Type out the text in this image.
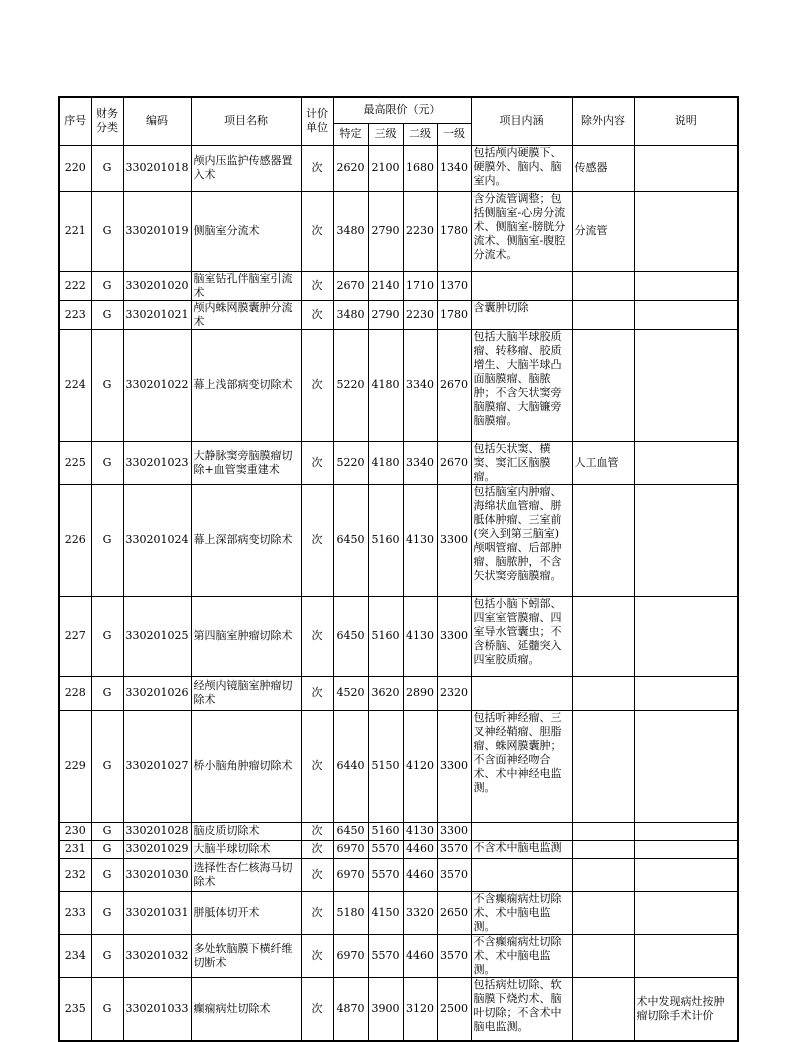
序号	财务分类	编码	项目名称	计价单位	最高限价（元）				项目内涵	除外内容	说明
					特定	三级	二级	一级			
220	G	330201018	颅内压监护传感器置入术	次	2620	2100	1680	1340	包括颅内硬膜下、硬膜外、脑内、脑室内。	传感器	
221	G	330201019	侧脑室分流术	次	3480	2790	2230	1780	含分流管调整；包括侧脑室-心房分流术、侧脑室-膀胱分流术、侧脑室-腹腔分流术。	分流管	
222	G	330201020	脑室钻孔伴脑室引流术	次	2670	2140	1710	1370			
223	G	330201021	颅内蛛网膜囊肿分流术	次	3480	2790	2230	1780	含囊肿切除		
224	G	330201022	幕上浅部病变切除术	次	5220	4180	3340	2670	包括大脑半球胶质瘤、转移瘤、胶质增生、大脑半球凸面脑膜瘤、脑脓肿；不含矢状窦旁脑膜瘤、大脑镰旁脑膜瘤。		
225	G	330201023	大静脉窦旁脑膜瘤切除+血管窦重建术	次	5220	4180	3340	2670	包括矢状窦、横窦、窦汇区脑膜瘤。	人工血管	
226	G	330201024	幕上深部病变切除术	次	6450	5160	4130	3300	包括脑室内肿瘤、海绵状血管瘤、胼胝体肿瘤、三室前(突入到第三脑室)颅咽管瘤、后部肿瘤、脑脓肿，不含矢状窦旁脑膜瘤。		
227	G	330201025	第四脑室肿瘤切除术	次	6450	5160	4130	3300	包括小脑下蚓部、四室室管膜瘤、四室导水管囊虫；不含桥脑、延髓突入四室胶质瘤。		
228	G	330201026	经颅内镜脑室肿瘤切除术	次	4520	3620	2890	2320			
229	G	330201027	桥小脑角肿瘤切除术	次	6440	5150	4120	3300	包括听神经瘤、三叉神经鞘瘤、胆脂瘤、蛛网膜囊肿；不含面神经吻合术、术中神经电监测。		
230	G	330201028	脑皮质切除术	次	6450	5160	4130	3300			
231	G	330201029	大脑半球切除术	次	6970	5570	4460	3570	不含术中脑电监测		
232	G	330201030	选择性杏仁核海马切除术	次	6970	5570	4460	3570			
233	G	330201031	胼胝体切开术	次	5180	4150	3320	2650	不含癫痫病灶切除术、术中脑电监测。		
234	G	330201032	多处软脑膜下横纤维切断术	次	6970	5570	4460	3570	不含癫痫病灶切除术、术中脑电监测。		
235	G	330201033	癫痫病灶切除术	次	4870	3900	3120	2500	包括病灶切除、软脑膜下烧灼术、脑叶切除；不含术中脑电监测。		术中发现病灶按肿瘤切除手术计价
